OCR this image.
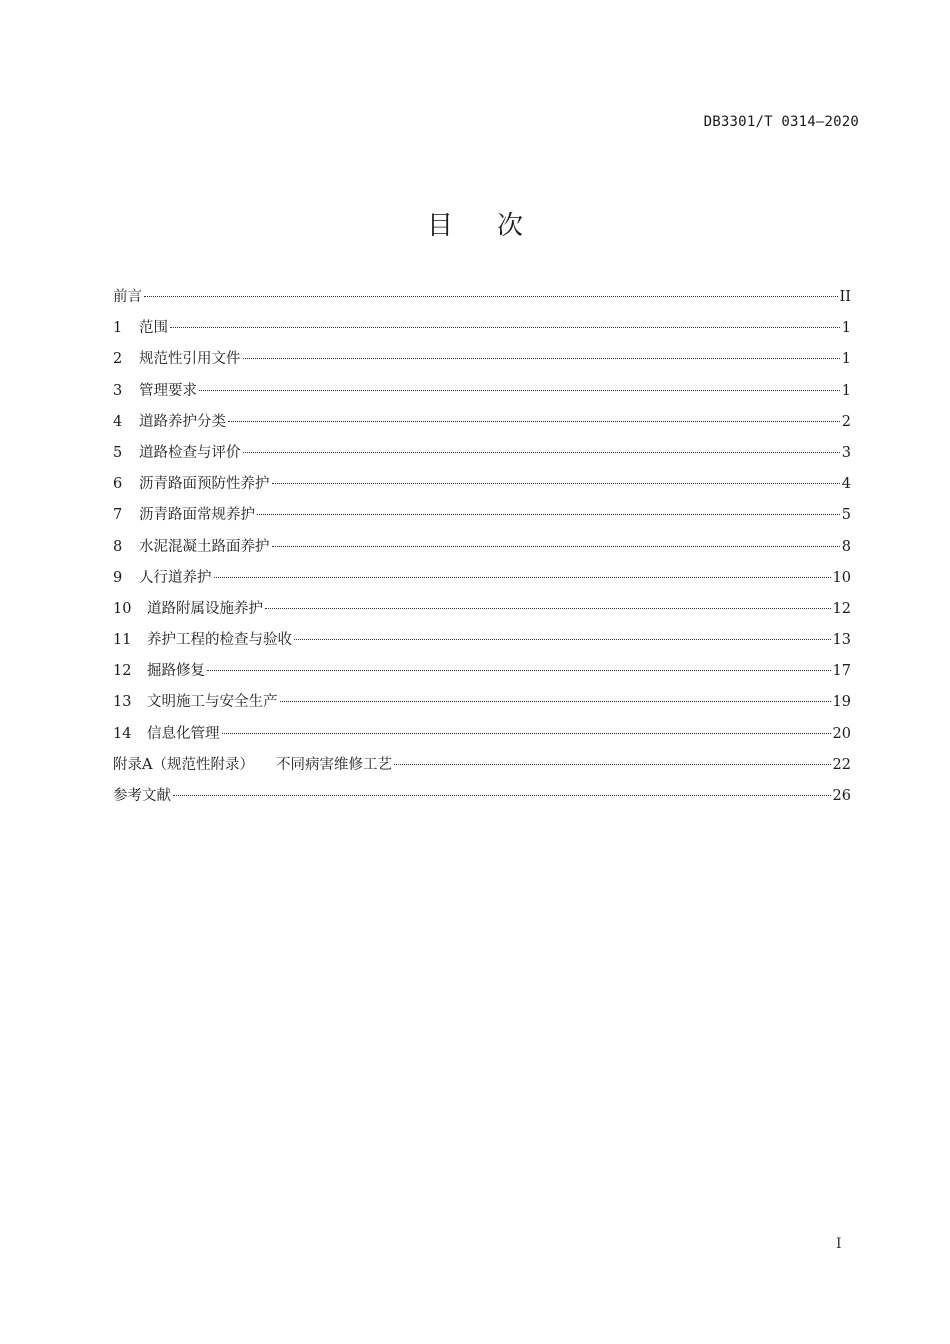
DB3301/T 0314—2020
目次
前言	II
1	范围	1
2	规范性引用文件	1
3	管理要求	1
4	道路养护分类	2
5	道路检查与评价	3
6	沥青路面预防性养护	4
7	沥青路面常规养护	5
8	水泥混凝土路面养护	8
9	人行道养护	10
10	道路附属设施养护	12
11	养护工程的检查与验收	13
12	掘路修复	17
13	文明施工与安全生产	19
14	信息化管理	20
附录A（规范性附录） 不同病害维修工艺	22
参考文献	26
I
